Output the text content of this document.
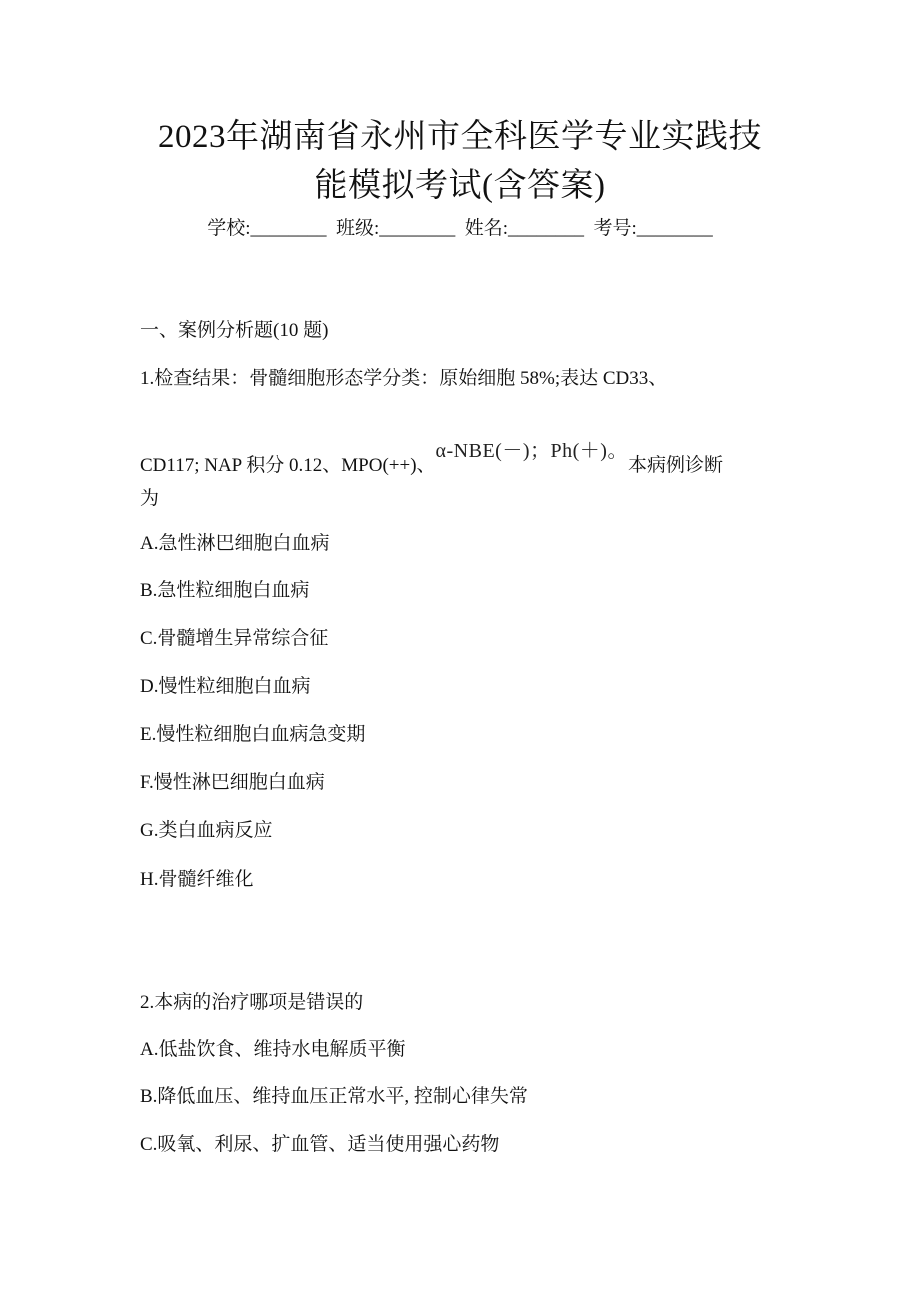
2023年湖南省永州市全科医学专业实践技
能模拟考试(含答案)
学校:________  班级:________  姓名:________  考号:________
一、案例分析题(10 题)
1.检查结果：骨髓细胞形态学分类：原始细胞 58%;表达 CD33、
CD117; NAP 积分 0.12、MPO(++)、α-NBE(－)；Ph(＋)。本病例诊断
为
A.急性淋巴细胞白血病
B.急性粒细胞白血病
C.骨髓增生异常综合征
D.慢性粒细胞白血病
E.慢性粒细胞白血病急变期
F.慢性淋巴细胞白血病
G.类白血病反应
H.骨髓纤维化
2.本病的治疗哪项是错误的
A.低盐饮食、维持水电解质平衡
B.降低血压、维持血压正常水平, 控制心律失常
C.吸氧、利尿、扩血管、适当使用强心药物
